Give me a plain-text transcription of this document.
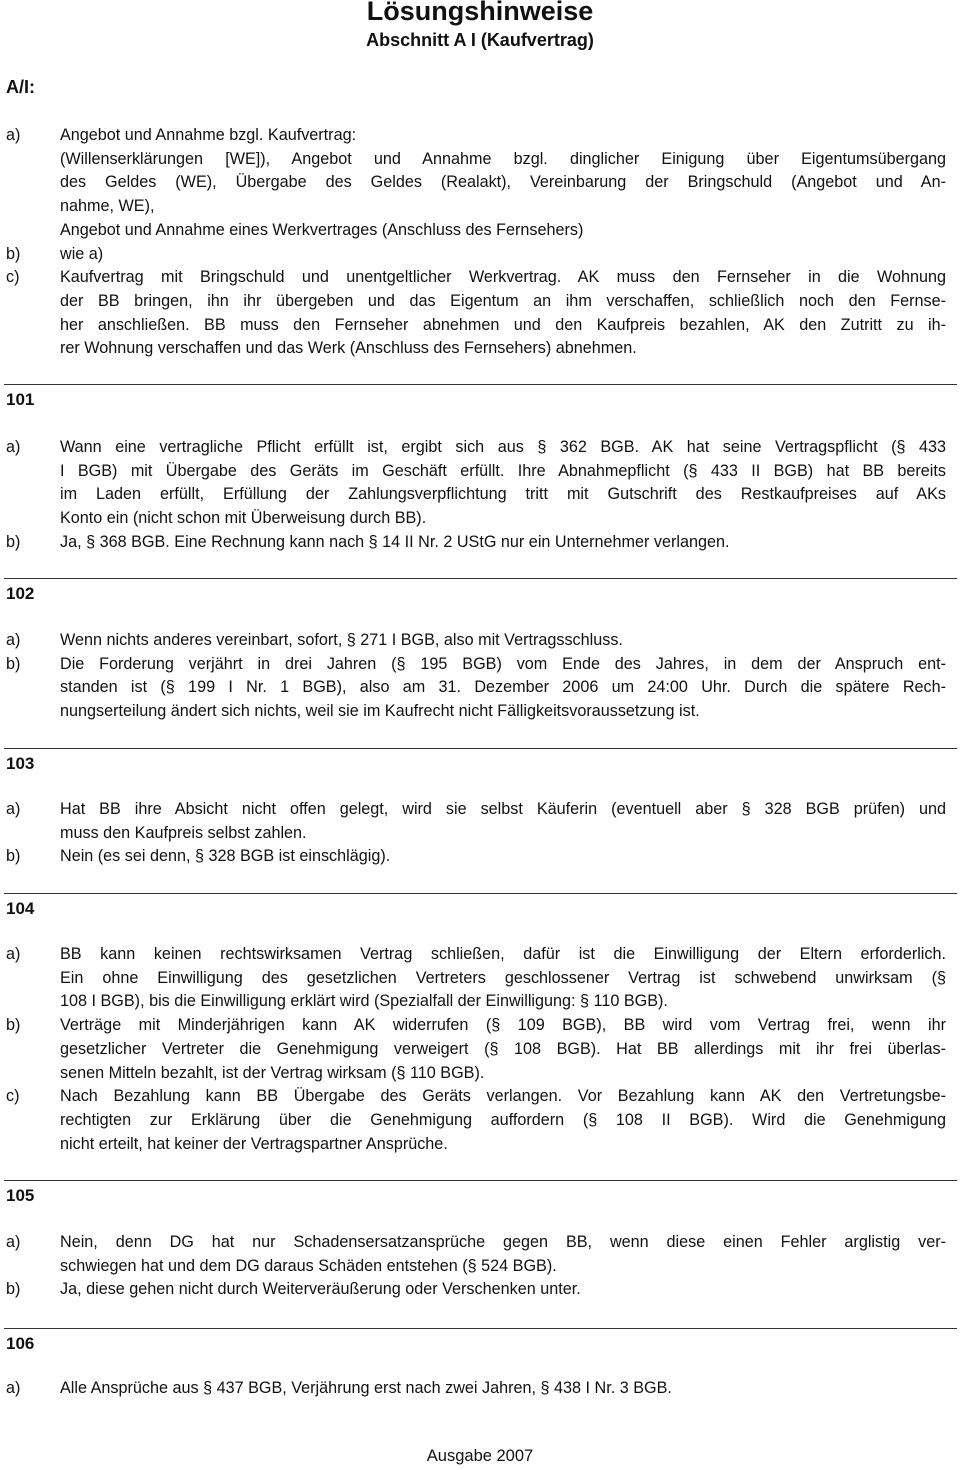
Lösungshinweise
Abschnitt A I (Kaufvertrag)
A/I:
a) Angebot und Annahme bzgl. Kaufvertrag:
(Willenserklärungen [WE]), Angebot und Annahme bzgl. dinglicher Einigung über Eigentumsübergang
des Geldes (WE), Übergabe des Geldes (Realakt), Vereinbarung der Bringschuld (Angebot und An-
nahme, WE),
Angebot und Annahme eines Werkvertrages (Anschluss des Fernsehers)
b) wie a)
c)	Kaufvertrag mit Bringschuld und unentgeltlicher Werkvertrag. AK muss den Fernseher in die Wohnung
der BB bringen, ihn ihr übergeben und das Eigentum an ihm verschaffen, schließlich noch den Fernse-
her anschließen. BB muss den Fernseher abnehmen und den Kaufpreis bezahlen, AK den Zutritt zu ih-
rer Wohnung verschaffen und das Werk (Anschluss des Fernsehers) abnehmen.
101
a) Wann eine vertragliche Pflicht erfüllt ist, ergibt sich aus § 362 BGB. AK hat seine Vertragspflicht (§ 433
I BGB) mit Übergabe des Geräts im Geschäft erfüllt. Ihre Abnahmepflicht (§ 433 II BGB) hat BB bereits
im Laden erfüllt, Erfüllung der Zahlungsverpflichtung tritt mit Gutschrift des Restkaufpreises auf AKs
Konto ein (nicht schon mit Überweisung durch BB).
b) Ja, § 368 BGB. Eine Rechnung kann nach § 14 II Nr. 2 UStG nur ein Unternehmer verlangen.
102
a) Wenn nichts anderes vereinbart, sofort, § 271 I BGB, also mit Vertragsschluss.
b) Die Forderung verjährt in drei Jahren (§ 195 BGB) vom Ende des Jahres, in dem der Anspruch ent-
standen ist (§ 199 I Nr. 1 BGB), also am 31. Dezember 2006 um 24:00 Uhr. Durch die spätere Rech-
nungserteilung ändert sich nichts, weil sie im Kaufrecht nicht Fälligkeitsvoraussetzung ist.
103
a) Hat BB ihre Absicht nicht offen gelegt, wird sie selbst Käuferin (eventuell aber § 328 BGB prüfen) und
muss den Kaufpreis selbst zahlen.
b) Nein (es sei denn, § 328 BGB ist einschlägig).
104
a) BB kann keinen rechtswirksamen Vertrag schließen, dafür ist die Einwilligung der Eltern erforderlich.
Ein ohne Einwilligung des gesetzlichen Vertreters geschlossener Vertrag ist schwebend unwirksam (§
108 I BGB), bis die Einwilligung erklärt wird (Spezialfall der Einwilligung: § 110 BGB).
b) Verträge mit Minderjährigen kann AK widerrufen (§ 109 BGB), BB wird vom Vertrag frei, wenn ihr
gesetzlicher Vertreter die Genehmigung verweigert (§ 108 BGB). Hat BB allerdings mit ihr frei überlas-
senen Mitteln bezahlt, ist der Vertrag wirksam (§ 110 BGB).
c)	Nach Bezahlung kann BB Übergabe des Geräts verlangen. Vor Bezahlung kann AK den Vertretungsbe-
rechtigten zur Erklärung über die Genehmigung auffordern (§ 108 II BGB). Wird die Genehmigung
nicht erteilt, hat keiner der Vertragspartner Ansprüche.
105
a) Nein, denn DG hat nur Schadensersatzansprüche gegen BB, wenn diese einen Fehler arglistig ver-
schwiegen hat und dem DG daraus Schäden entstehen (§ 524 BGB).
b) Ja, diese gehen nicht durch Weiterveräußerung oder Verschenken unter.
106
a) Alle Ansprüche aus § 437 BGB, Verjährung erst nach zwei Jahren, § 438 I Nr. 3 BGB.
Ausgabe 2007
